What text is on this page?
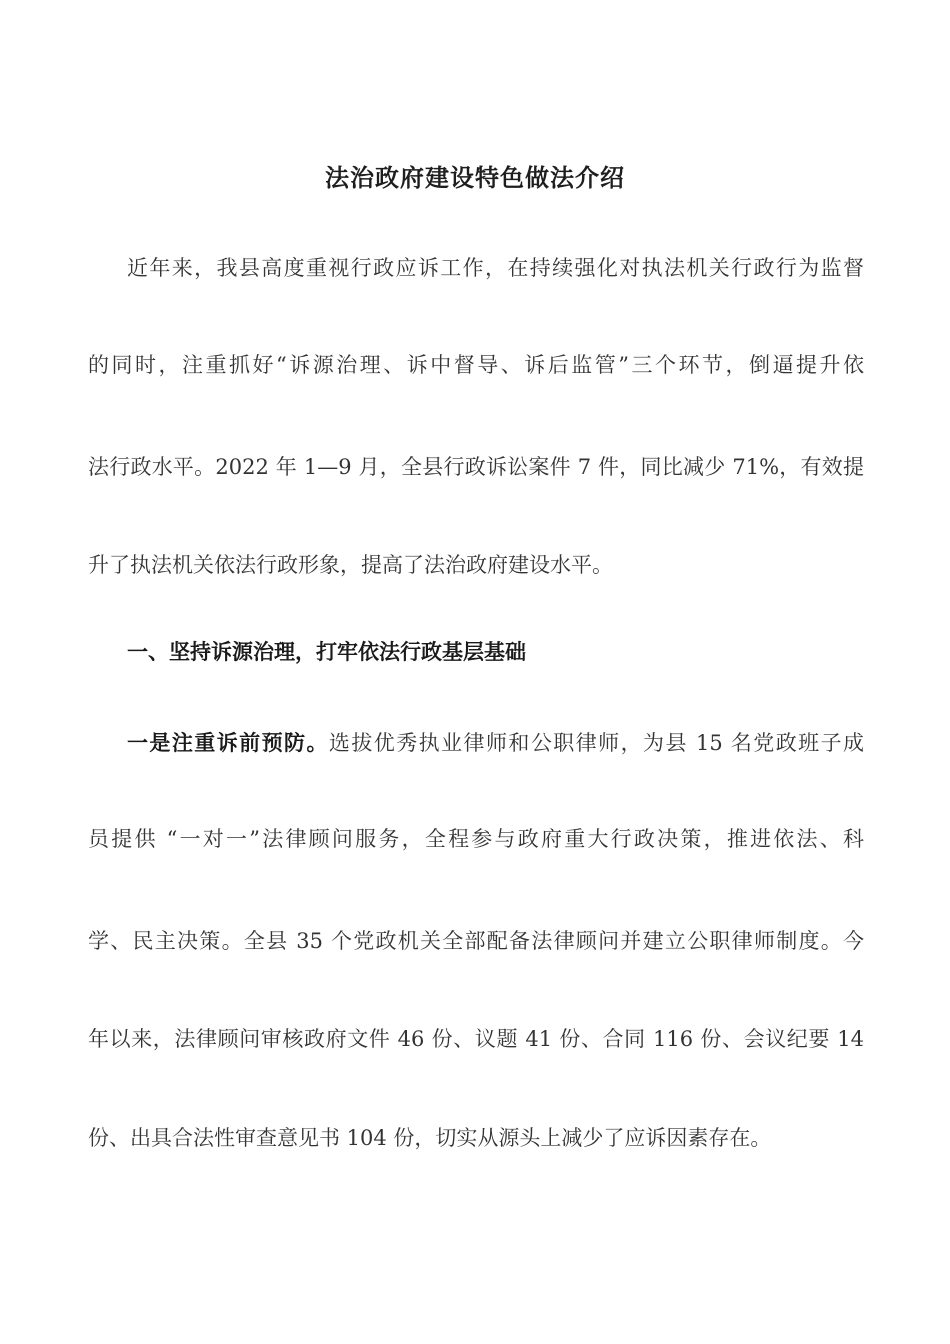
法治政府建设特色做法介绍
近年来，我县高度重视行政应诉工作，在持续强化对执法机关行政行为监督
的同时，注重抓好“诉源治理、诉中督导、诉后监管”三个环节，倒逼提升依
法行政水平。2022 年 1—9 月，全县行政诉讼案件 7 件，同比减少 71%，有效提
升了执法机关依法行政形象，提高了法治政府建设水平。
一、坚持诉源治理，打牢依法行政基层基础
一是注重诉前预防。选拔优秀执业律师和公职律师，为县 15 名党政班子成
员提供 “一对一”法律顾问服务，全程参与政府重大行政决策，推进依法、科
学、民主决策。全县 35 个党政机关全部配备法律顾问并建立公职律师制度。今
年以来，法律顾问审核政府文件 46 份、议题 41 份、合同 116 份、会议纪要 14
份、出具合法性审查意见书 104 份，切实从源头上减少了应诉因素存在。
